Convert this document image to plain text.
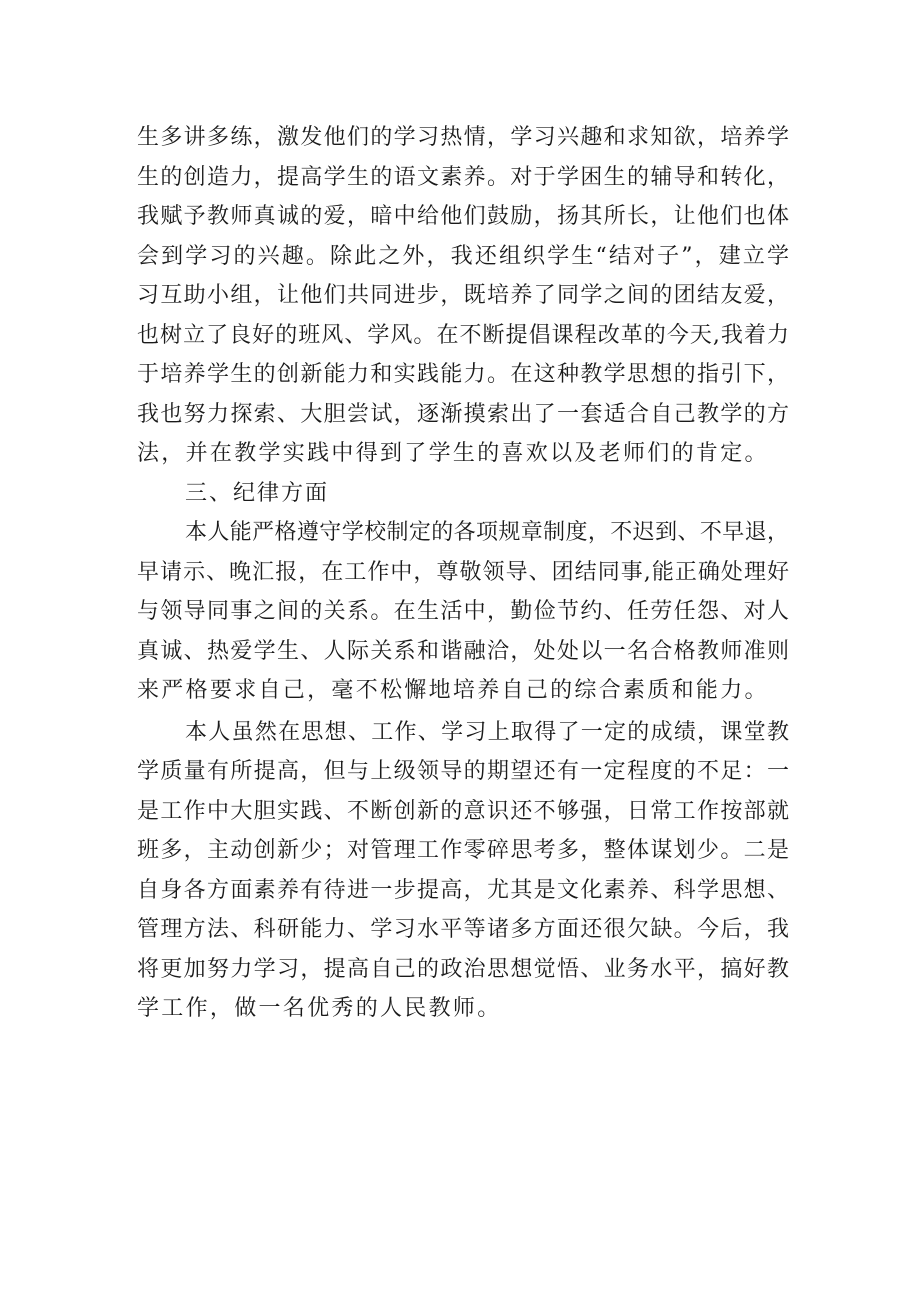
生多讲多练，激发他们的学习热情，学习兴趣和求知欲，培养学
生的创造力，提高学生的语文素养。对于学困生的辅导和转化，
我赋予教师真诚的爱，暗中给他们鼓励，扬其所长，让他们也体
会到学习的兴趣。除此之外，我还组织学生“结对子”，建立学
习互助小组，让他们共同进步，既培养了同学之间的团结友爱，
也树立了良好的班风、学风。在不断提倡课程改革的今天,我着力
于培养学生的创新能力和实践能力。在这种教学思想的指引下，
我也努力探索、大胆尝试，逐渐摸索出了一套适合自己教学的方
法，并在教学实践中得到了学生的喜欢以及老师们的肯定。
三、纪律方面
本人能严格遵守学校制定的各项规章制度，不迟到、不早退，
早请示、晚汇报，在工作中，尊敬领导、团结同事,能正确处理好
与领导同事之间的关系。在生活中，勤俭节约、任劳任怨、对人
真诚、热爱学生、人际关系和谐融洽，处处以一名合格教师准则
来严格要求自己，毫不松懈地培养自己的综合素质和能力。
本人虽然在思想、工作、学习上取得了一定的成绩，课堂教
学质量有所提高，但与上级领导的期望还有一定程度的不足：一
是工作中大胆实践、不断创新的意识还不够强，日常工作按部就
班多，主动创新少；对管理工作零碎思考多，整体谋划少。二是
自身各方面素养有待进一步提高，尤其是文化素养、科学思想、
管理方法、科研能力、学习水平等诸多方面还很欠缺。今后，我
将更加努力学习，提高自己的政治思想觉悟、业务水平，搞好教
学工作，做一名优秀的人民教师。
